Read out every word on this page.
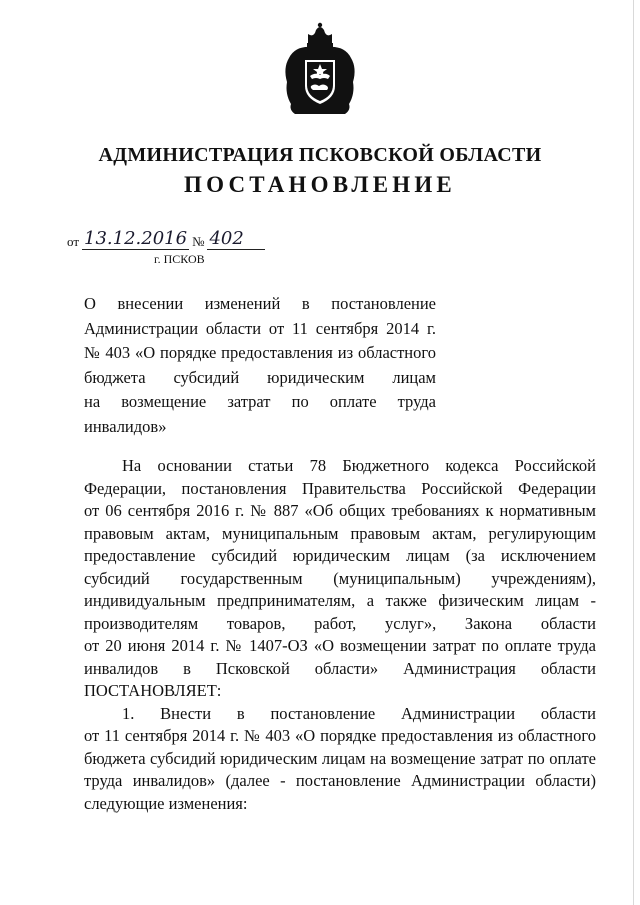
АДМИНИСТРАЦИЯ ПСКОВСКОЙ ОБЛАСТИ
ПОСТАНОВЛЕНИЕ
от 13.12.2016 № 402
г. ПСКОВ
О внесении изменений в постановление
Администрации области от 11 сентября 2014 г.
№ 403 «О порядке предоставления из областного
бюджета субсидий юридическим лицам
на возмещение затрат по оплате труда инвалидов»
На основании статьи 78 Бюджетного кодекса Российской
Федерации, постановления Правительства Российской Федерации
от 06 сентября 2016 г. № 887 «Об общих требованиях к нормативным
правовым актам, муниципальным правовым актам, регулирующим
предоставление субсидий юридическим лицам (за исключением
субсидий государственным (муниципальным) учреждениям),
индивидуальным предпринимателям, а также физическим лицам -
производителям товаров, работ, услуг», Закона области
от 20 июня 2014 г. № 1407-ОЗ «О возмещении затрат по оплате труда
инвалидов в Псковской области» Администрация области
ПОСТАНОВЛЯЕТ:
1. Внести в постановление Администрации области
от 11 сентября 2014 г. № 403 «О порядке предоставления из областного
бюджета субсидий юридическим лицам на возмещение затрат по оплате
труда инвалидов» (далее - постановление Администрации области)
следующие изменения:
